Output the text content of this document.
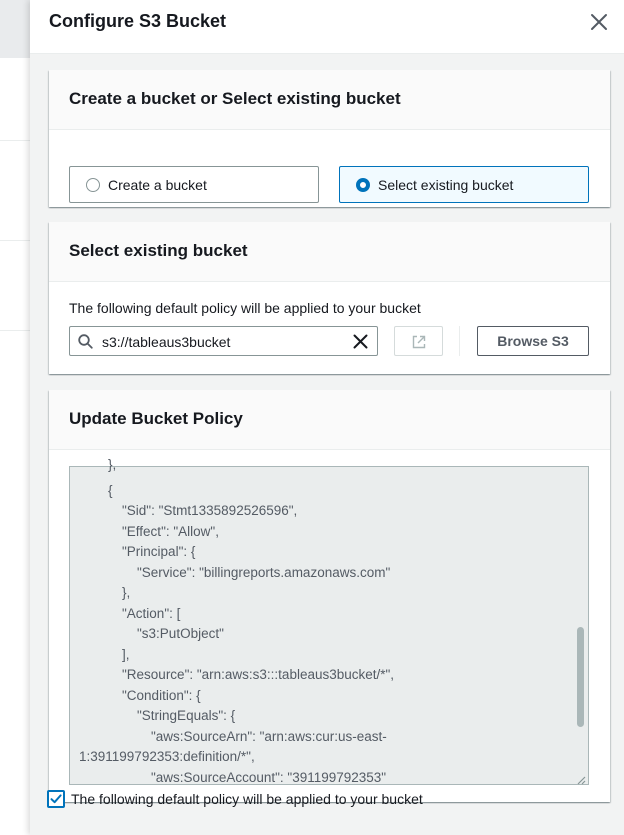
Configure S3 Bucket
Create a bucket or Select existing bucket
Create a bucket	Select existing bucket
Select existing bucket
The following default policy will be applied to your bucket
s3://tableaus3bucket
Browse S3
Update Bucket Policy
},
{
"Sid": "Stmt1335892526596",
"Effect": "Allow",
"Principal": {
"Service": "billingreports.amazonaws.com"
},
"Action": [
"s3:PutObject"
],
"Resource": "arn:aws:s3:::tableaus3bucket/*",
"Condition": {
"StringEquals": {
"aws:SourceArn": "arn:aws:cur:us-east-
1:391199792353:definition/*",
"aws:SourceAccount": "391199792353"
The following default policy will be applied to your bucket
